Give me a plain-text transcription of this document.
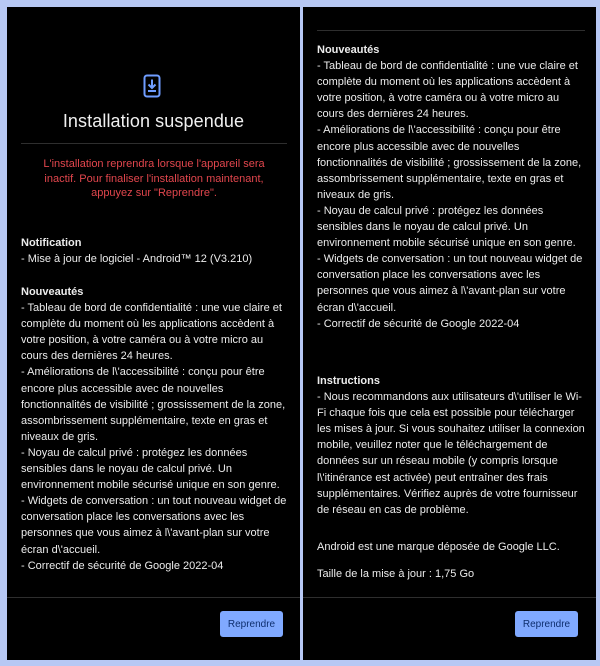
Installation suspendue
L'installation reprendra lorsque l'appareil sera inactif. Pour finaliser l'installation maintenant, appuyez sur "Reprendre".

Notification

- Mise à jour de logiciel - Android™ 12 (V3.210)

Nouveautés

- Tableau de bord de confidentialité : une vue claire et complète du moment où les applications accèdent à votre position, à votre caméra ou à votre micro au cours des dernières 24 heures.

- Améliorations de l\'accessibilité : conçu pour être encore plus accessible avec de nouvelles fonctionnalités de visibilité ; grossissement de la zone, assombrissement supplémentaire, texte en gras et niveaux de gris.

- Noyau de calcul privé : protégez les données sensibles dans le noyau de calcul privé. Un environnement mobile sécurisé unique en son genre.

- Widgets de conversation : un tout nouveau widget de conversation place les conversations avec les personnes que vous aimez à l\'avant-plan sur votre écran d\'accueil.

- Correctif de sécurité de Google 2022-04

Reprendre

Nouveautés

- Tableau de bord de confidentialité : une vue claire et complète du moment où les applications accèdent à votre position, à votre caméra ou à votre micro au cours des dernières 24 heures.

- Améliorations de l\'accessibilité : conçu pour être encore plus accessible avec de nouvelles fonctionnalités de visibilité ; grossissement de la zone, assombrissement supplémentaire, texte en gras et niveaux de gris.

- Noyau de calcul privé : protégez les données sensibles dans le noyau de calcul privé. Un environnement mobile sécurisé unique en son genre.

- Widgets de conversation : un tout nouveau widget de conversation place les conversations avec les personnes que vous aimez à l\'avant-plan sur votre écran d\'accueil.

- Correctif de sécurité de Google 2022-04

Instructions

- Nous recommandons aux utilisateurs d\'utiliser le Wi-Fi chaque fois que cela est possible pour télécharger les mises à jour. Si vous souhaitez utiliser la connexion mobile, veuillez noter que le téléchargement de données sur un réseau mobile (y compris lorsque l\'itinérance est activée) peut entraîner des frais supplémentaires. Vérifiez auprès de votre fournisseur de réseau en cas de problème.

Android est une marque déposée de Google LLC.

Taille de la mise à jour : 1,75 Go

Reprendre
